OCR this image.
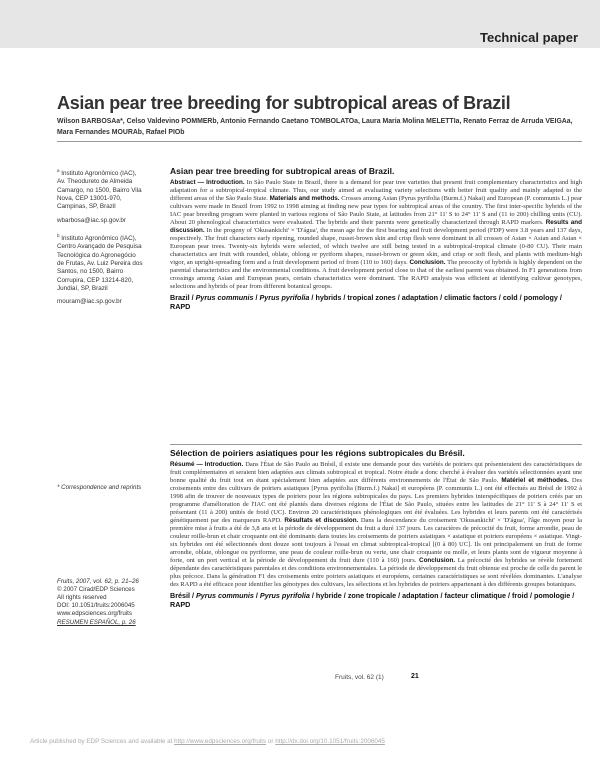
Technical paper
Asian pear tree breeding for subtropical areas of Brazil
Wilson BARBOSAa*, Celso Valdevino POMMERb, Antonio Fernando Caetano TOMBOLATOa, Laura Maria Molina MELETTIa, Renato Ferraz de Arruda VEIGAa, Mara Fernandes MOURAb, Rafael PIOb

$^a$ Instituto Agronômico (IAC),

Av. Theodureto de Almeida

Camargo, no 1500, Bairro Vila

Nova, CEP 13001-970,

Campinas, SP, Brazil

wbarbosa@iac.sp.gov.br

$^b$ Instituto Agronômico (IAC),

Centro Avançado de Pesquisa

Tecnológica do Agronegócio

de Frutas, Av. Luiz Pereira dos

Santos, no 1500, Bairro

Corrupira, CEP 13214-820,

Jundiaí, SP, Brazil

mouram@iac.sp.gov.br

* Correspondence and reprints
Fruits, 2007, vol. 62, p. 21–26
© 2007 Cirad/EDP Sciences
All rights reserved
DOI: 10.1051/fruits:2006045
www.edpsciences.org/fruits
RESUMEN ESPAÑOL, p. 26
Asian pear tree breeding for subtropical areas of Brazil.

Abstract — Introduction. In São Paulo State in Brazil, there is a demand for pear tree varieties that present fruit complementary characteristics and high adaptation for a subtropical-tropical climate. Thus, our study aimed at evaluating variety selections with better fruit quality and mainly adapted to the different areas of the São Paulo State. Materials and methods. Crosses among Asian (Pyrus pyrifolia (Burm.f.) Nakai) and European (P. communis L.) pear cultivars were made in Brazil from 1992 to 1998 aiming at finding new pear types for subtropical areas of the country. The first inter-specific hybrids of the IAC pear breeding program were planted in various regions of São Paulo State, at latitudes from 21° 11' S to 24° 11' S and (11 to 200) chilling units (CU). About 20 phenological characteristics were evaluated. The hybrids and their parents were genetically characterized through RAPD markers. Results and discussion. In the progeny of 'Okusankichi' × 'D'água', the mean age for the first bearing and fruit development period (FDP) were 3.8 years and 137 days, respectively. The fruit characters early ripening, rounded shape, russet-brown skin and crisp flesh were dominant in all crosses of Asian × Asian and Asian × European pear trees. Twenty-six hybrids were selected, of which twelve are still being tested in a subtropical-tropical climate (0-80 CU). Their main characteristics are fruit with rounded, oblate, oblong or pyriform shapes, russet-brown or green skin, and crisp or soft flesh, and plants with medium-high vigor, an upright-spreading form and a fruit development period of from (110 to 160) days. Conclusion. The precocity of hybrids is highly dependent on the parental characteristics and the environmental conditions. A fruit development period close to that of the earliest parent was obtained. In F1 generations from crossings among Asian and European pears, certain characteristics were dominant. The RAPD analysis was efficient at identifying cultivar genotypes, selections and hybrids of pear from different botanical groups.

Brazil / Pyrus communis / Pyrus pyrifolia / hybrids / tropical zones / adaptation / climatic factors / cold / pomology / RAPD
Sélection de poiriers asiatiques pour les régions subtropicales du Brésil.

Résumé — Introduction. Dans l'État de São Paulo au Brésil, il existe une demande pour des variétés de poiriers qui présenteraient des caractéristiques de fruit complémentaires et seraient bien adaptées aux climats subtropical et tropical. Notre étude a donc cherché à évaluer des variétés sélectionnées ayant une bonne qualité du fruit tout en étant spécialement bien adaptées aux différents environnements de l'État de São Paulo. Matériel et méthodes. Des croisements entre des cultivars de poiriers asiatiques [Pyrus pyrifolia (Burm.f.) Nakai] et européens (P. communis L.) ont été effectués au Brésil de 1992 à 1998 afin de trouver de nouveaux types de poiriers pour les régions subtropicales du pays. Les premiers hybrides interspécifiques de poiriers créés par un programme d'amélioration de l'IAC ont été plantés dans diverses régions de l'État de São Paulo, situées entre les latitudes de 21° 11' S à 24° 11' S et présentant (11 à 200) unités de froid (UC). Environ 20 caractéristiques phénologiques ont été évaluées. Les hybrides et leurs parents ont été caractérisés génétiquement par des marqueurs RAPD. Résultats et discussion. Dans la descendance du croisement 'Okusankichi' × 'D'água', l'âge moyen pour la première mise à fruits a été de 3,8 ans et la période de développement du fruit a duré 137 jours. Les caractères de précocité du fruit, forme arrondie, peau de couleur roille-brun et chair croquante ont été dominants dans toutes les croisements de poiriers asiatiques × asiatique et poiriers européens × asiatique. Vingt-six hybrides ont été sélectionnés dont douze sont toujours à l'essai en climat subtropical-tropical [(0 à 80) UC]. Ils ont principalement un fruit de forme arrondie, oblate, oblongue ou pyriforme, une peau de couleur roille-brun ou verte, une chair croquante ou molle, et leurs plants sont de vigueur moyenne à forte, ont un port vertical et la période de développement du fruit dure (110 à 160) jours. Conclusion. La précocité des hybrides se révèle fortement dépendante des caractéristiques parentales et des conditions environnementales. La période de développement du fruit obtenue est proche de celle du parent le plus précoce. Dans la génération F1 des croisements entre poiriers asiatiques et européens, certaines caractéristiques se sont révélées dominantes. L'analyse des RAPD a été efficace pour identifier les génotypes des cultivars, les sélections et les hybrides de poiriers appartenant à des différents groupes botaniques.

Brésil / Pyrus communis / Pyrus pyrifolia / hybride / zone tropicale / adaptation / facteur climatique / froid / pomologie / RAPD
Fruits, vol. 62 (1)	21
Article published by EDP Sciences and available at http://www.edpsciences.org/fruits or http://dx.doi.org/10.1051/fruits:2006045
